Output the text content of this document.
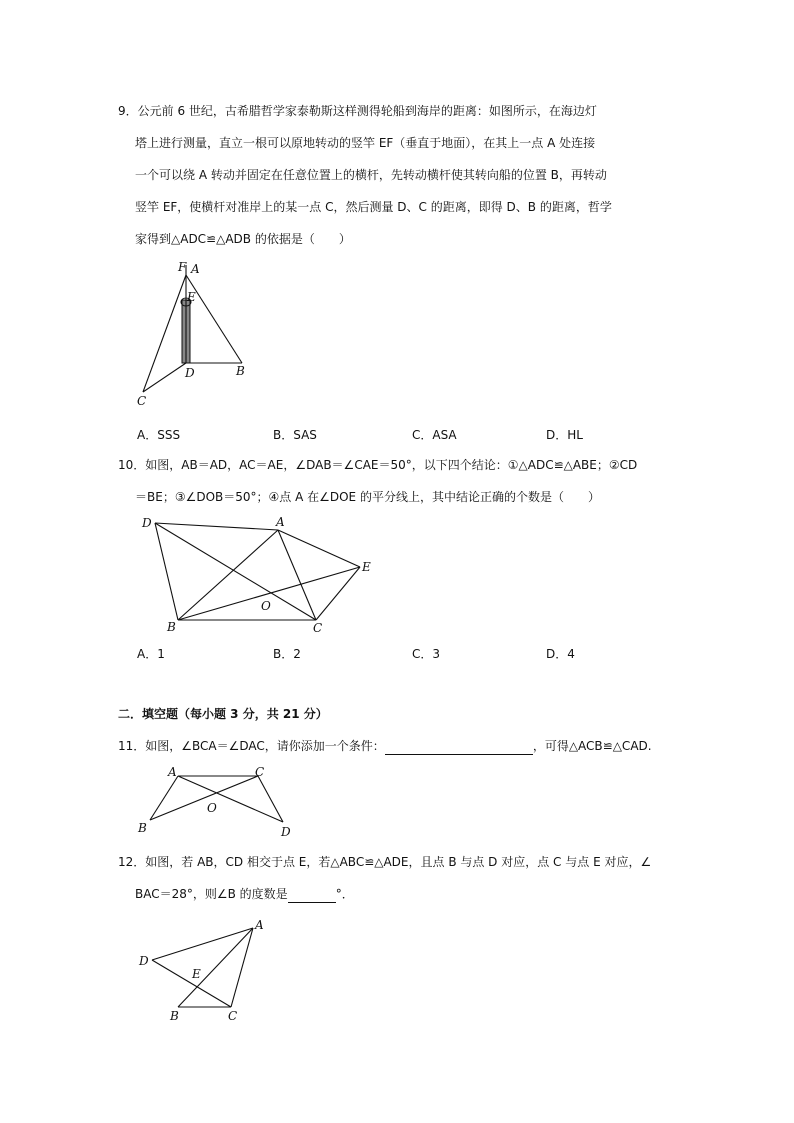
9．公元前 6 世纪，古希腊哲学家泰勒斯这样测得轮船到海岸的距离：如图所示，在海边灯
塔上进行测量，直立一根可以原地转动的竖竿 EF（垂直于地面），在其上一点 A 处连接
一个可以绕 A 转动并固定在任意位置上的横杆，先转动横杆使其转向船的位置 B，再转动
竖竿 EF，使横杆对准岸上的某一点 C，然后测量 D、C 的距离，即得 D、B 的距离，哲学
家得到△ADC≌△ADB 的依据是（　　）
F A
E
D	B
C
A．SSS	B．SAS	C．ASA	D．HL
10．如图，AB＝AD，AC＝AE，∠DAB＝∠CAE＝50°，以下四个结论：①△ADC≌△ABE；②CD
＝BE；③∠DOB＝50°；④点 A 在∠DOE 的平分线上，其中结论正确的个数是（　　）
D	A
E
O
B	C
A．1	B．2	C．3	D．4
二．填空题（每小题 3 分，共 21 分）
11．如图，∠BCA＝∠DAC，请你添加一个条件：	，可得△ACB≌△CAD.
A	C
O
B	D
12．如图，若 AB，CD 相交于点 E，若△ABC≌△ADE，且点 B 与点 D 对应，点 C 与点 E 对应，∠
BAC＝28°，则∠B 的度数是	°．
A
D
E
B	C
